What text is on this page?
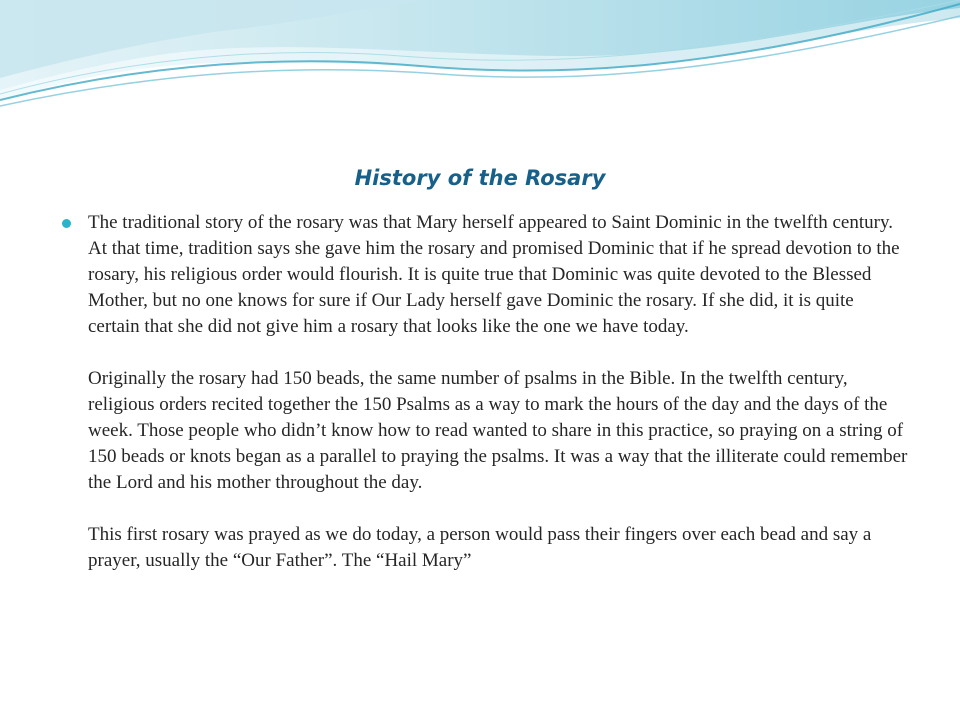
History of the Rosary

The traditional story of the rosary was that Mary herself appeared to Saint Dominic in the twelfth century. At that time, tradition says she gave him the rosary and promised Dominic that if he spread devotion to the rosary, his religious order would flourish. It is quite true that Dominic was quite devoted to the Blessed Mother, but no one knows for sure if Our Lady herself gave Dominic the rosary. If she did, it is quite certain that she did not give him a rosary that looks like the one we have today.

Originally the rosary had 150 beads, the same number of psalms in the Bible. In the twelfth century, religious orders recited together the 150 Psalms as a way to mark the hours of the day and the days of the week. Those people who didn’t know how to read wanted to share in this practice, so praying on a string of 150 beads or knots began as a parallel to praying the psalms. It was a way that the illiterate could remember the Lord and his mother throughout the day.

This first rosary was prayed as we do today, a person would pass their fingers over each bead and say a prayer, usually the “Our Father”. The “Hail Mary”
